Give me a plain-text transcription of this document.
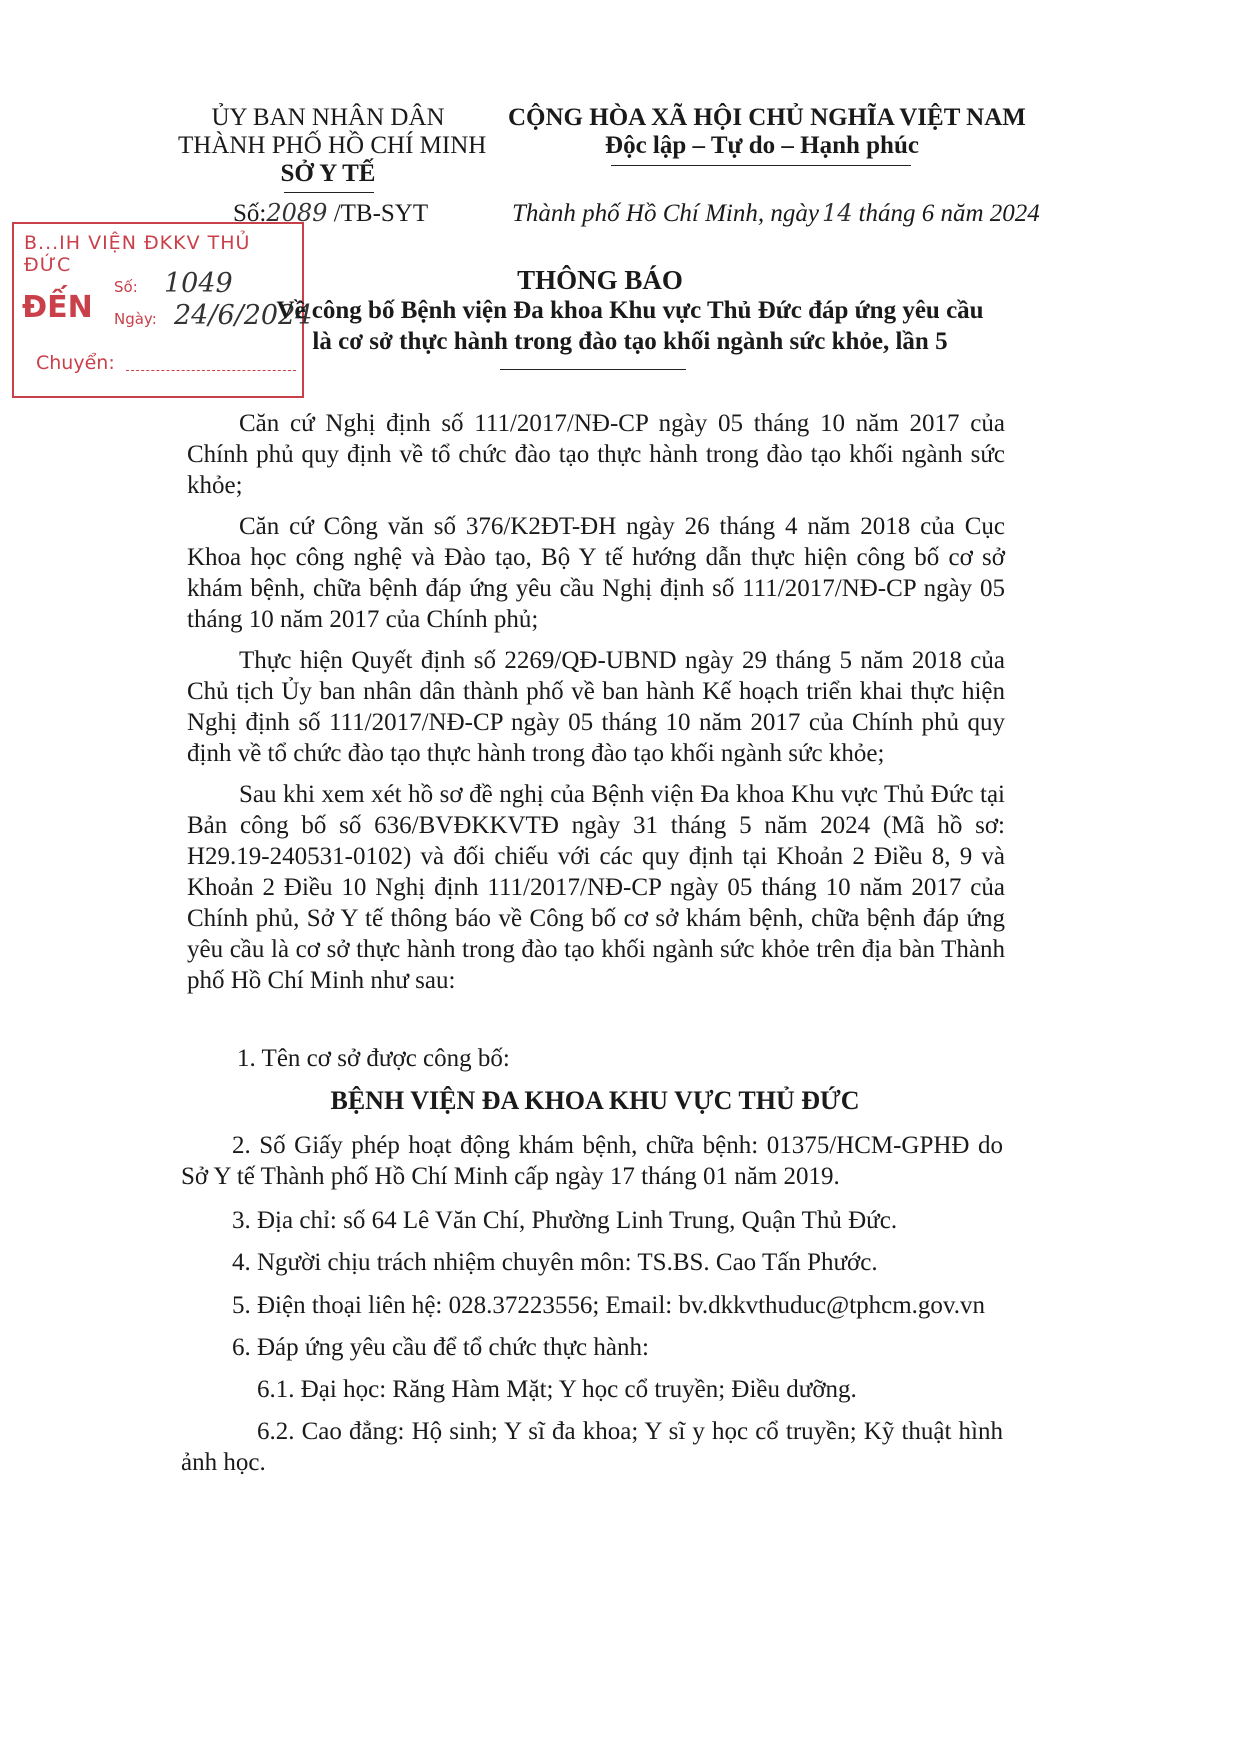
ỦY BAN NHÂN DÂN
THÀNH PHỐ HỒ CHÍ MINH
SỞ Y TẾ
Số:2089 /TB-SYT
CỘNG HÒA XÃ HỘI CHỦ NGHĨA VIỆT NAM
Độc lập – Tự do – Hạnh phúc
Thành phố Hồ Chí Minh, ngày 14 tháng 6 năm 2024
B...IH VIỆN ĐKKV THỦ ĐỨC
ĐẾN
Số: 1049
Ngày: 24/6/2024
Chuyển:
THÔNG BÁO
Về công bố Bệnh viện Đa khoa Khu vực Thủ Đức đáp ứng yêu cầu
là cơ sở thực hành trong đào tạo khối ngành sức khỏe, lần 5

Căn cứ Nghị định số 111/2017/NĐ-CP ngày 05 tháng 10 năm 2017 của Chính phủ quy định về tổ chức đào tạo thực hành trong đào tạo khối ngành sức khỏe;

Căn cứ Công văn số 376/K2ĐT-ĐH ngày 26 tháng 4 năm 2018 của Cục Khoa học công nghệ và Đào tạo, Bộ Y tế hướng dẫn thực hiện công bố cơ sở khám bệnh, chữa bệnh đáp ứng yêu cầu Nghị định số 111/2017/NĐ-CP ngày 05 tháng 10 năm 2017 của Chính phủ;

Thực hiện Quyết định số 2269/QĐ-UBND ngày 29 tháng 5 năm 2018 của Chủ tịch Ủy ban nhân dân thành phố về ban hành Kế hoạch triển khai thực hiện Nghị định số 111/2017/NĐ-CP ngày 05 tháng 10 năm 2017 của Chính phủ quy định về tổ chức đào tạo thực hành trong đào tạo khối ngành sức khỏe;

Sau khi xem xét hồ sơ đề nghị của Bệnh viện Đa khoa Khu vực Thủ Đức tại Bản công bố số 636/BVĐKKVTĐ ngày 31 tháng 5 năm 2024 (Mã hồ sơ: H29.19-240531-0102) và đối chiếu với các quy định tại Khoản 2 Điều 8, 9 và Khoản 2 Điều 10 Nghị định 111/2017/NĐ-CP ngày 05 tháng 10 năm 2017 của Chính phủ, Sở Y tế thông báo về Công bố cơ sở khám bệnh, chữa bệnh đáp ứng yêu cầu là cơ sở thực hành trong đào tạo khối ngành sức khỏe trên địa bàn Thành phố Hồ Chí Minh như sau:

1. Tên cơ sở được công bố:
BỆNH VIỆN ĐA KHOA KHU VỰC THỦ ĐỨC
2. Số Giấy phép hoạt động khám bệnh, chữa bệnh: 01375/HCM-GPHĐ do Sở Y tế Thành phố Hồ Chí Minh cấp ngày 17 tháng 01 năm 2019.
3. Địa chỉ: số 64 Lê Văn Chí, Phường Linh Trung, Quận Thủ Đức.
4. Người chịu trách nhiệm chuyên môn: TS.BS. Cao Tấn Phước.
5. Điện thoại liên hệ: 028.37223556; Email: bv.dkkvthuduc@tphcm.gov.vn
6. Đáp ứng yêu cầu để tổ chức thực hành:
6.1. Đại học: Răng Hàm Mặt; Y học cổ truyền; Điều dưỡng.
6.2. Cao đẳng: Hộ sinh; Y sĩ đa khoa; Y sĩ y học cổ truyền; Kỹ thuật hình ảnh học.
